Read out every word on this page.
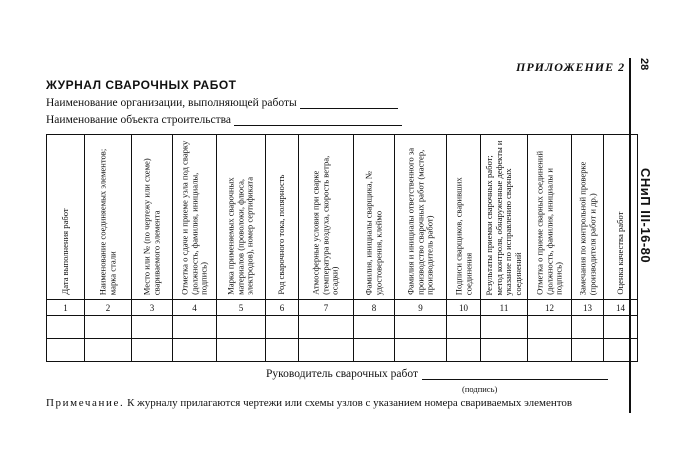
ПРИЛОЖЕНИЕ 2
ЖУРНАЛ СВАРОЧНЫХ РАБОТ
Наименование организации, выполняющей работы
Наименование объекта строительства
28
СНиП III-16-80
Дата выполнения работ	Наименование соединяемых элементов; марка стали	Место или № (по чертежу или схеме) свариваемого элемента	Отметка о сдаче и приеме узла под сварку (должность, фамилия, инициалы, подпись)	Марка применяемых сварочных материалов (проволоки, флюса, электродов), номер сертификата	Род сварочного тока, полярность	Атмосферные условия при сварке (температура воздуха, скорость ветра, осадки)	Фамилия, инициалы сварщика, № удостоверения, клеймо	Фамилия и инициалы ответственного за производство сварочных работ (мастер, производитель работ)	Подписи сварщиков, сваривших соединения	Результаты приемки сварочных работ; метод контроля, обнаруженные дефекты и указание по исправлению сварных соединений	Отметка о приеме сварных соединений (должность, фамилия, инициалы и подпись)	Замечания по контрольной проверке (производителя работ и др.)	Оценка качества работ

1	2	3	4	5	6	7	8	9	10	11	12	13	14

Руководитель сварочных работ
(подпись)
Примечание. К журналу прилагаются чертежи или схемы узлов с указанием номера свариваемых элементов
